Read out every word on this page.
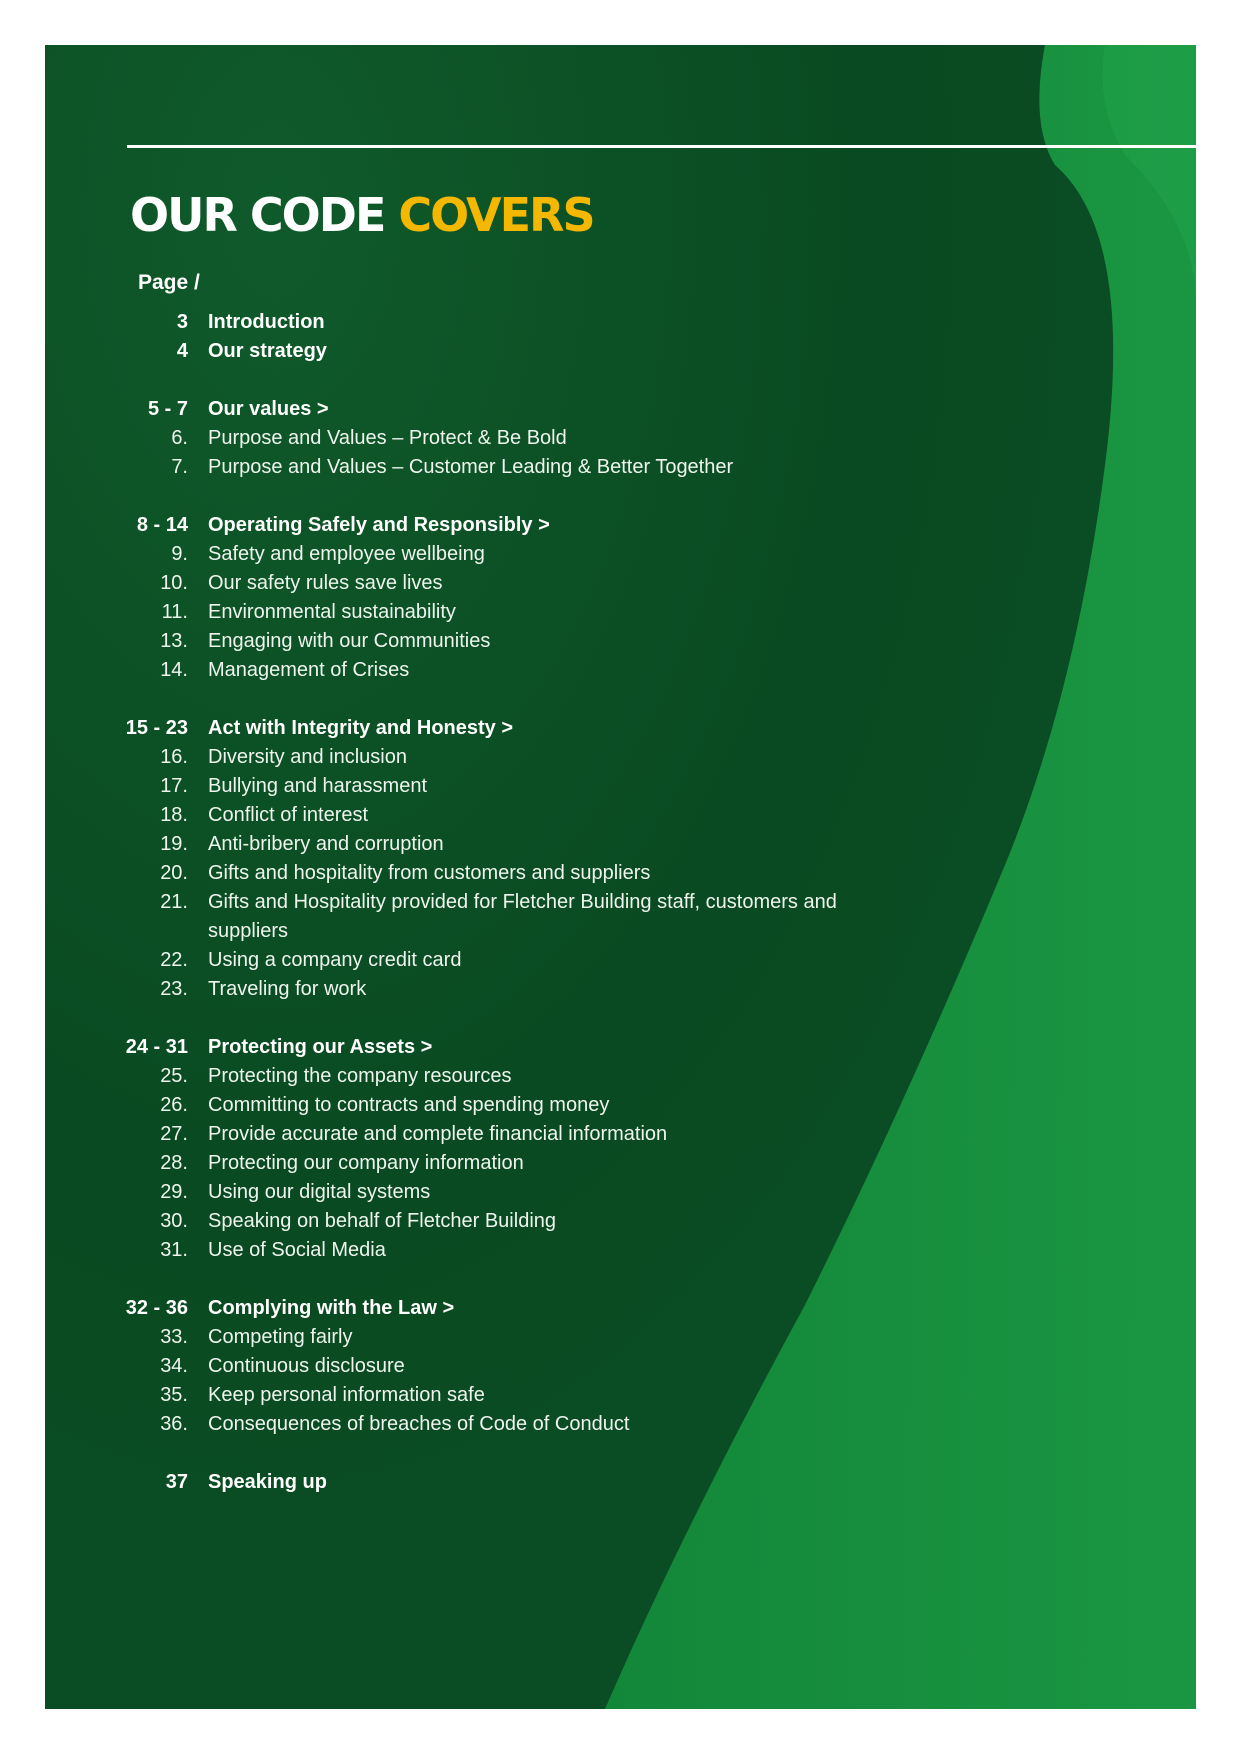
OUR CODE COVERS
Page /
3	Introduction
4	Our strategy
5 - 7	Our values >
6.	Purpose and Values – Protect & Be Bold
7.	Purpose and Values – Customer Leading & Better Together
8 - 14	Operating Safely and Responsibly >
9.	Safety and employee wellbeing
10.	Our safety rules save lives
11.	Environmental sustainability
13.	Engaging with our Communities
14.	Management of Crises
15 - 23	Act with Integrity and Honesty >
16.	Diversity and inclusion
17.	Bullying and harassment
18.	Conflict of interest
19.	Anti-bribery and corruption
20.	Gifts and hospitality from customers and suppliers
21.	Gifts and Hospitality provided for Fletcher Building staff, customers and suppliers
22.	Using a company credit card
23.	Traveling for work
24 - 31	Protecting our Assets >
25.	Protecting the company resources
26.	Committing to contracts and spending money
27.	Provide accurate and complete financial information
28.	Protecting our company information
29.	Using our digital systems
30.	Speaking on behalf of Fletcher Building
31.	Use of Social Media
32 - 36	Complying with the Law >
33.	Competing fairly
34.	Continuous disclosure
35.	Keep personal information safe
36.	Consequences of breaches of Code of Conduct
37	Speaking up
